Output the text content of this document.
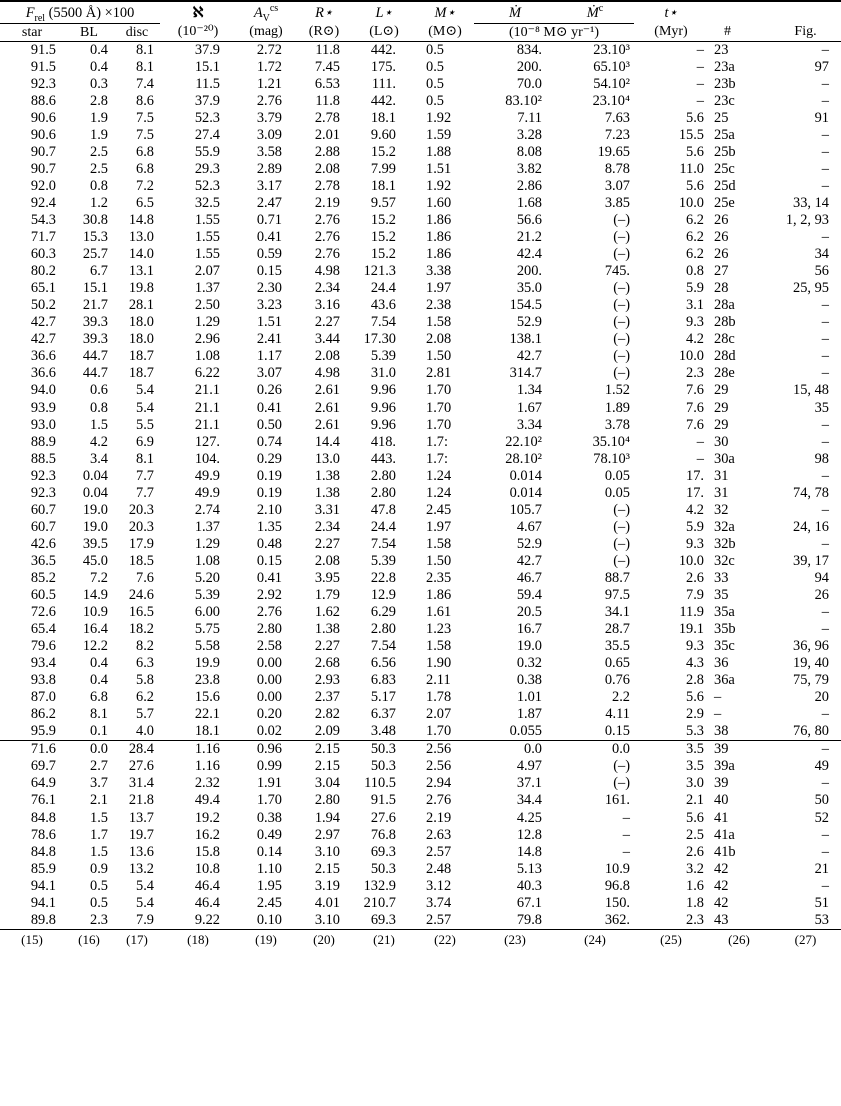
$F_{rel}$ (5500 Å) ×100			ℵ	$A_V^{cs}$	R⋆	L⋆	M⋆	Ṁ	Ṁ$^c$	t⋆		
star	BL	disc	(10⁻²⁰)	(mag)	(R⊙)	(L⊙)	(M⊙)	(10⁻⁸ M⊙ yr⁻¹)		(Myr)	#	Fig.

91.5	0.4	8.1	37.9	2.72	11.8	442.	0.5	834.	23.10³	–	23	–
91.5	0.4	8.1	15.1	1.72	7.45	175.	0.5	200.	65.10³	–	23a	97
92.3	0.3	7.4	11.5	1.21	6.53	111.	0.5	70.0	54.10²	–	23b	–
88.6	2.8	8.6	37.9	2.76	11.8	442.	0.5	83.10²	23.10⁴	–	23c	–
90.6	1.9	7.5	52.3	3.79	2.78	18.1	1.92	7.11	7.63	5.6	25	91
90.6	1.9	7.5	27.4	3.09	2.01	9.60	1.59	3.28	7.23	15.5	25a	–
90.7	2.5	6.8	55.9	3.58	2.88	15.2	1.88	8.08	19.65	5.6	25b	–
90.7	2.5	6.8	29.3	2.89	2.08	7.99	1.51	3.82	8.78	11.0	25c	–
92.0	0.8	7.2	52.3	3.17	2.78	18.1	1.92	2.86	3.07	5.6	25d	–
92.4	1.2	6.5	32.5	2.47	2.19	9.57	1.60	1.68	3.85	10.0	25e	33, 14
54.3	30.8	14.8	1.55	0.71	2.76	15.2	1.86	56.6	(–)	6.2	26	1, 2, 93
71.7	15.3	13.0	1.55	0.41	2.76	15.2	1.86	21.2	(–)	6.2	26	–
60.3	25.7	14.0	1.55	0.59	2.76	15.2	1.86	42.4	(–)	6.2	26	34
80.2	6.7	13.1	2.07	0.15	4.98	121.3	3.38	200.	745.	0.8	27	56
65.1	15.1	19.8	1.37	2.30	2.34	24.4	1.97	35.0	(–)	5.9	28	25, 95
50.2	21.7	28.1	2.50	3.23	3.16	43.6	2.38	154.5	(–)	3.1	28a	–
42.7	39.3	18.0	1.29	1.51	2.27	7.54	1.58	52.9	(–)	9.3	28b	–
42.7	39.3	18.0	2.96	2.41	3.44	17.30	2.08	138.1	(–)	4.2	28c	–
36.6	44.7	18.7	1.08	1.17	2.08	5.39	1.50	42.7	(–)	10.0	28d	–
36.6	44.7	18.7	6.22	3.07	4.98	31.0	2.81	314.7	(–)	2.3	28e	–
94.0	0.6	5.4	21.1	0.26	2.61	9.96	1.70	1.34	1.52	7.6	29	15, 48
93.9	0.8	5.4	21.1	0.41	2.61	9.96	1.70	1.67	1.89	7.6	29	35
93.0	1.5	5.5	21.1	0.50	2.61	9.96	1.70	3.34	3.78	7.6	29	–
88.9	4.2	6.9	127.	0.74	14.4	418.	1.7:	22.10²	35.10⁴	–	30	–
88.5	3.4	8.1	104.	0.29	13.0	443.	1.7:	28.10²	78.10³	–	30a	98
92.3	0.04	7.7	49.9	0.19	1.38	2.80	1.24	0.014	0.05	17.	31	–
92.3	0.04	7.7	49.9	0.19	1.38	2.80	1.24	0.014	0.05	17.	31	74, 78
60.7	19.0	20.3	2.74	2.10	3.31	47.8	2.45	105.7	(–)	4.2	32	–
60.7	19.0	20.3	1.37	1.35	2.34	24.4	1.97	4.67	(–)	5.9	32a	24, 16
42.6	39.5	17.9	1.29	0.48	2.27	7.54	1.58	52.9	(–)	9.3	32b	–
36.5	45.0	18.5	1.08	0.15	2.08	5.39	1.50	42.7	(–)	10.0	32c	39, 17
85.2	7.2	7.6	5.20	0.41	3.95	22.8	2.35	46.7	88.7	2.6	33	94
60.5	14.9	24.6	5.39	2.92	1.79	12.9	1.86	59.4	97.5	7.9	35	26
72.6	10.9	16.5	6.00	2.76	1.62	6.29	1.61	20.5	34.1	11.9	35a	–
65.4	16.4	18.2	5.75	2.80	1.38	2.80	1.23	16.7	28.7	19.1	35b	–
79.6	12.2	8.2	5.58	2.58	2.27	7.54	1.58	19.0	35.5	9.3	35c	36, 96
93.4	0.4	6.3	19.9	0.00	2.68	6.56	1.90	0.32	0.65	4.3	36	19, 40
93.8	0.4	5.8	23.8	0.00	2.93	6.83	2.11	0.38	0.76	2.8	36a	75, 79
87.0	6.8	6.2	15.6	0.00	2.37	5.17	1.78	1.01	2.2	5.6	–	20
86.2	8.1	5.7	22.1	0.20	2.82	6.37	2.07	1.87	4.11	2.9	–	–
95.9	0.1	4.0	18.1	0.02	2.09	3.48	1.70	0.055	0.15	5.3	38	76, 80
71.6	0.0	28.4	1.16	0.96	2.15	50.3	2.56	0.0	0.0	3.5	39	–
69.7	2.7	27.6	1.16	0.99	2.15	50.3	2.56	4.97	(–)	3.5	39a	49
64.9	3.7	31.4	2.32	1.91	3.04	110.5	2.94	37.1	(–)	3.0	39	–
76.1	2.1	21.8	49.4	1.70	2.80	91.5	2.76	34.4	161.	2.1	40	50
84.8	1.5	13.7	19.2	0.38	1.94	27.6	2.19	4.25	–	5.6	41	52
78.6	1.7	19.7	16.2	0.49	2.97	76.8	2.63	12.8	–	2.5	41a	–
84.8	1.5	13.6	15.8	0.14	3.10	69.3	2.57	14.8	–	2.6	41b	–
85.9	0.9	13.2	10.8	1.10	2.15	50.3	2.48	5.13	10.9	3.2	42	21
94.1	0.5	5.4	46.4	1.95	3.19	132.9	3.12	40.3	96.8	1.6	42	–
94.1	0.5	5.4	46.4	2.45	4.01	210.7	3.74	67.1	150.	1.8	42	51
89.8	2.3	7.9	9.22	0.10	3.10	69.3	2.57	79.8	362.	2.3	43	53

(15)	(16)	(17)	(18)	(19)	(20)	(21)	(22)	(23)	(24)	(25)	(26)	(27)
